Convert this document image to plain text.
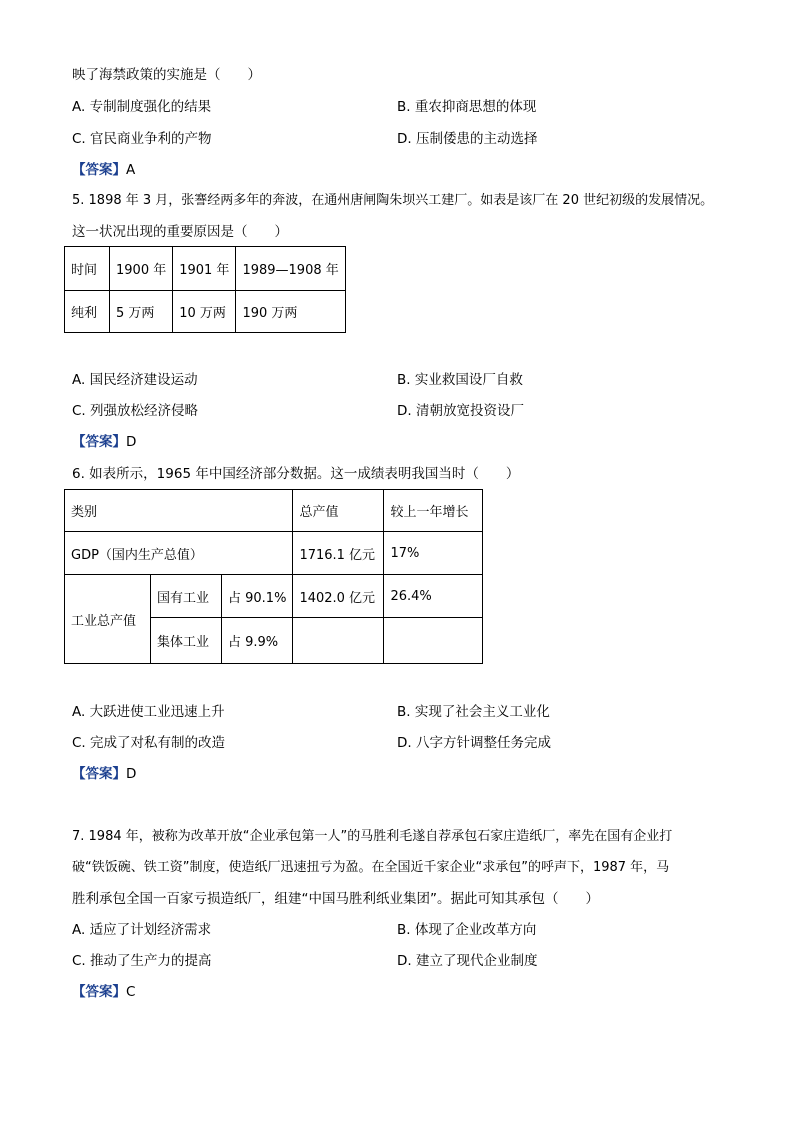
映了海禁政策的实施是（　　）
A. 专制制度强化的结果	B. 重农抑商思想的体现
C. 官民商业争利的产物	D. 压制倭患的主动选择
【答案】A
5. 1898 年 3 月，张謇经两多年的奔波，在通州唐闸陶朱坝兴工建厂。如表是该厂在 20 世纪初级的发展情况。
这一状况出现的重要原因是（　　）
时间	1900 年	1901 年	1989—1908 年
纯利	5 万两	10 万两	190 万两
A. 国民经济建设运动	B. 实业救国设厂自救
C. 列强放松经济侵略	D. 清朝放宽投资设厂
【答案】D
6. 如表所示，1965 年中国经济部分数据。这一成绩表明我国当时（　　）
类别			总产值	较上一年增长
GDP（国内生产总值）			1716.1 亿元	17%
工业总产值	国有工业	占 90.1%	1402.0 亿元	26.4%
	集体工业	占 9.9%		
A. 大跃进使工业迅速上升	B. 实现了社会主义工业化
C. 完成了对私有制的改造	D. 八字方针调整任务完成
【答案】D
7. 1984 年，被称为改革开放“企业承包第一人”的马胜利毛遂自荐承包石家庄造纸厂，率先在国有企业打
破“铁饭碗、铁工资”制度，使造纸厂迅速扭亏为盈。在全国近千家企业“求承包”的呼声下，1987 年，马
胜利承包全国一百家亏损造纸厂，组建“中国马胜利纸业集团”。据此可知其承包（　　）
A. 适应了计划经济需求	B. 体现了企业改革方向
C. 推动了生产力的提高	D. 建立了现代企业制度
【答案】C
